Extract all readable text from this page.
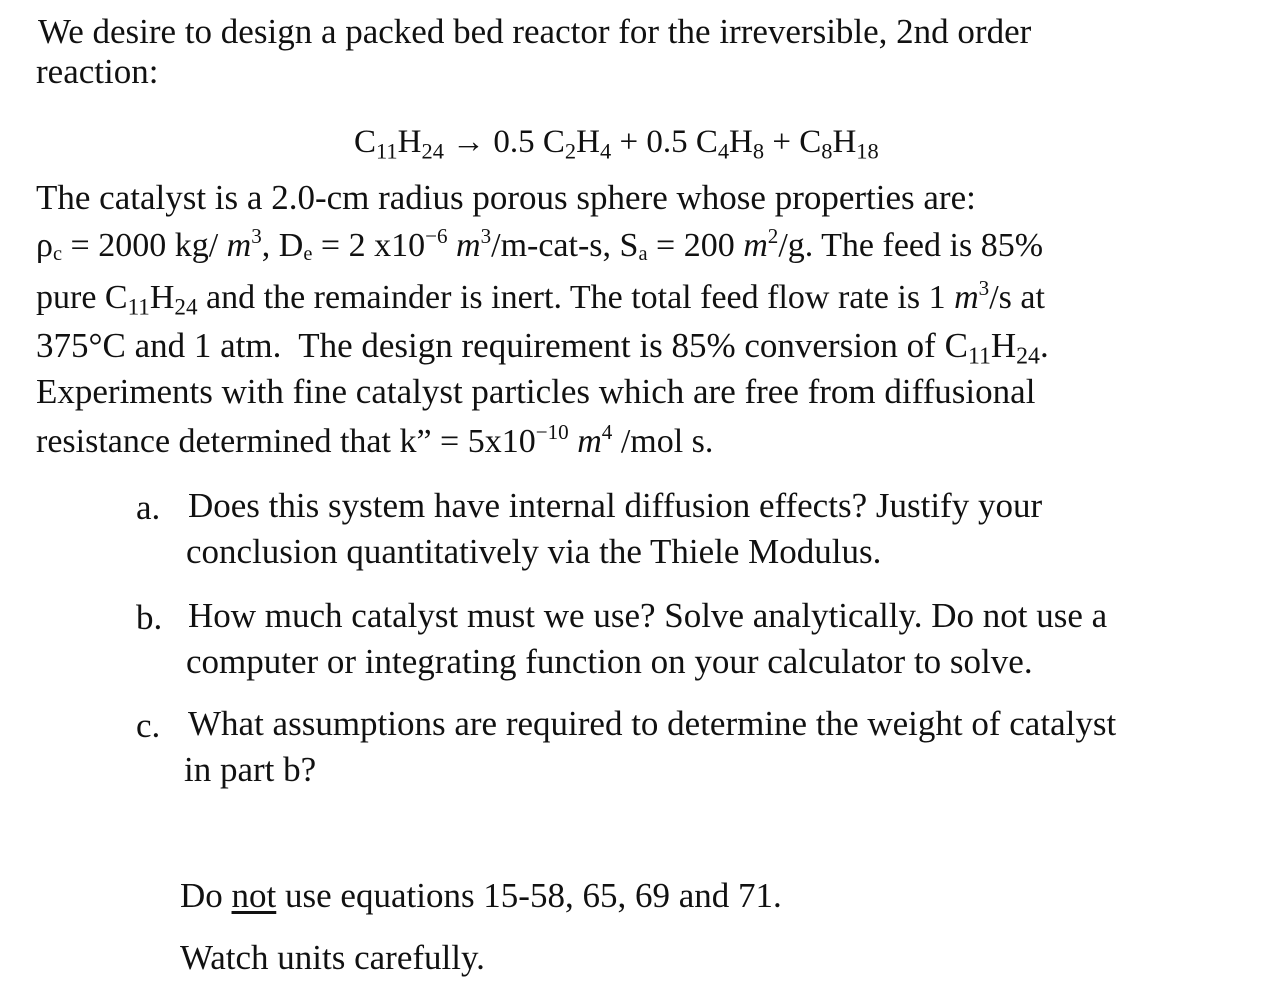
We desire to design a packed bed reactor for the irreversible, 2nd order
reaction:
$C_{11}H_{24} \to 0.5$ $C_2H_4 + 0.5$ $C_4H_8 + C_8H_{18}$
The catalyst is a 2.0-cm radius porous sphere whose properties are:
ρc = 2000 kg/ $m^3$, De = 2 $x10^{-6}$ $m^3/m-cat-s$, Sa = 200 $m^2/g$. The feed is 85%
pure $C_{11}H_{24}$ and the remainder is inert. The total feed flow rate is 1 $m^3/s$ at
375°C and 1 atm.  The design requirement is 85% conversion of $C_{11}H_{24}$.
Experiments with fine catalyst particles which are free from diffusional
resistance determined that k” = $5x10^{-10}$ $m^4$ /mol s.
a. Does this system have internal diffusion effects? Justify your
conclusion quantitatively via the Thiele Modulus.
b. How much catalyst must we use? Solve analytically. Do not use a
computer or integrating function on your calculator to solve.
c. What assumptions are required to determine the weight of catalyst
in part b?
Do not use equations 15-58, 65, 69 and 71.
Watch units carefully.
